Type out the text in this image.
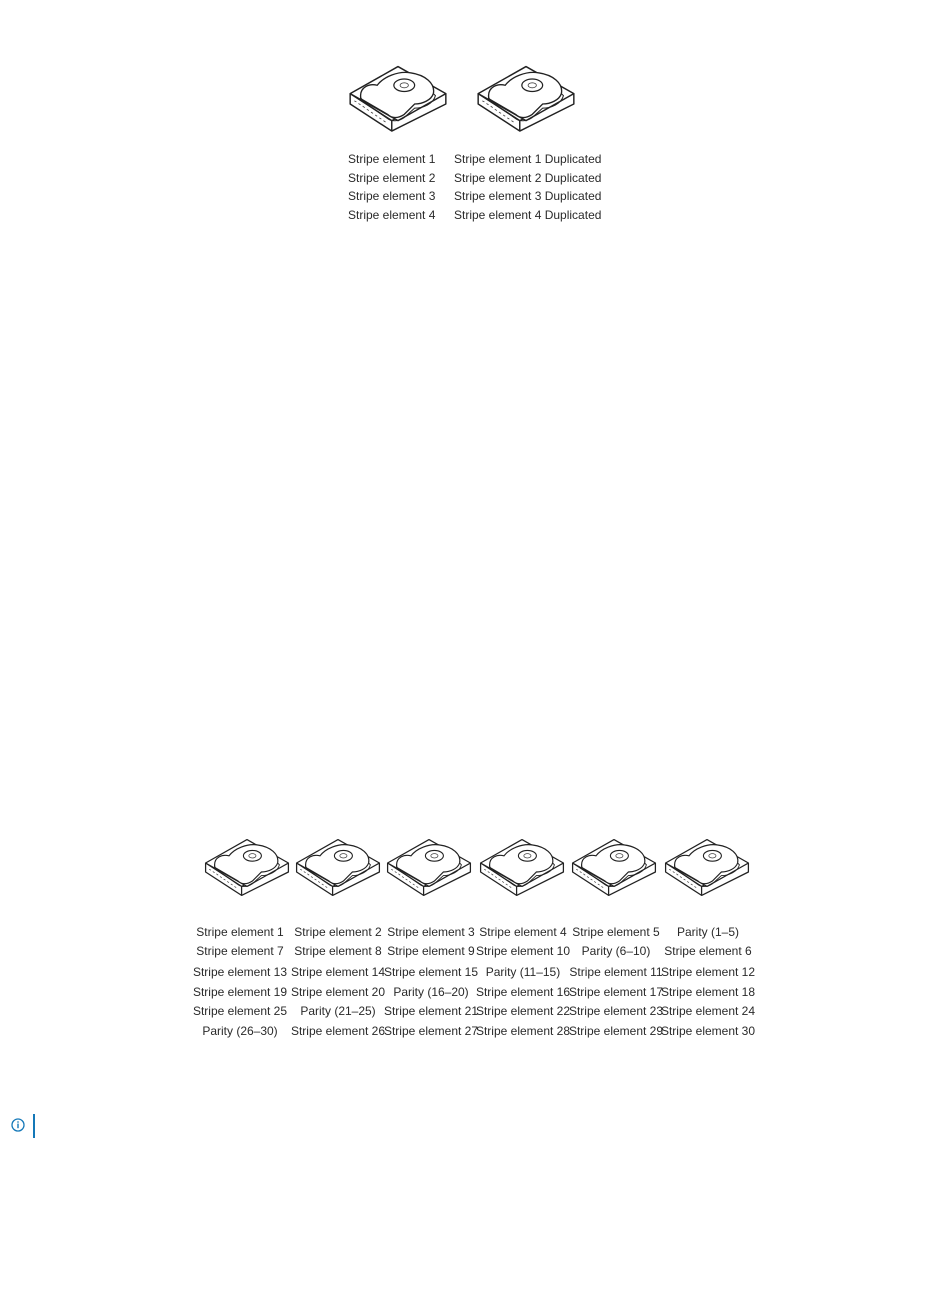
Stripe element 1
Stripe element 2
Stripe element 3
Stripe element 4
Stripe element 1 Duplicated
Stripe element 2 Duplicated
Stripe element 3 Duplicated
Stripe element 4 Duplicated
Stripe element 1
Stripe element 7
Stripe element 13
Stripe element 19
Stripe element 25
Parity (26–30)
Stripe element 2
Stripe element 8
Stripe element 14
Stripe element 20
Parity (21–25)
Stripe element 26
Stripe element 3
Stripe element 9
Stripe element 15
Parity (16–20)
Stripe element 21
Stripe element 27
Stripe element 4
Stripe element 10
Parity (11–15)
Stripe element 16
Stripe element 22
Stripe element 28
Stripe element 5
Parity (6–10)
Stripe element 11
Stripe element 17
Stripe element 23
Stripe element 29
Parity (1–5)
Stripe element 6
Stripe element 12
Stripe element 18
Stripe element 24
Stripe element 30
